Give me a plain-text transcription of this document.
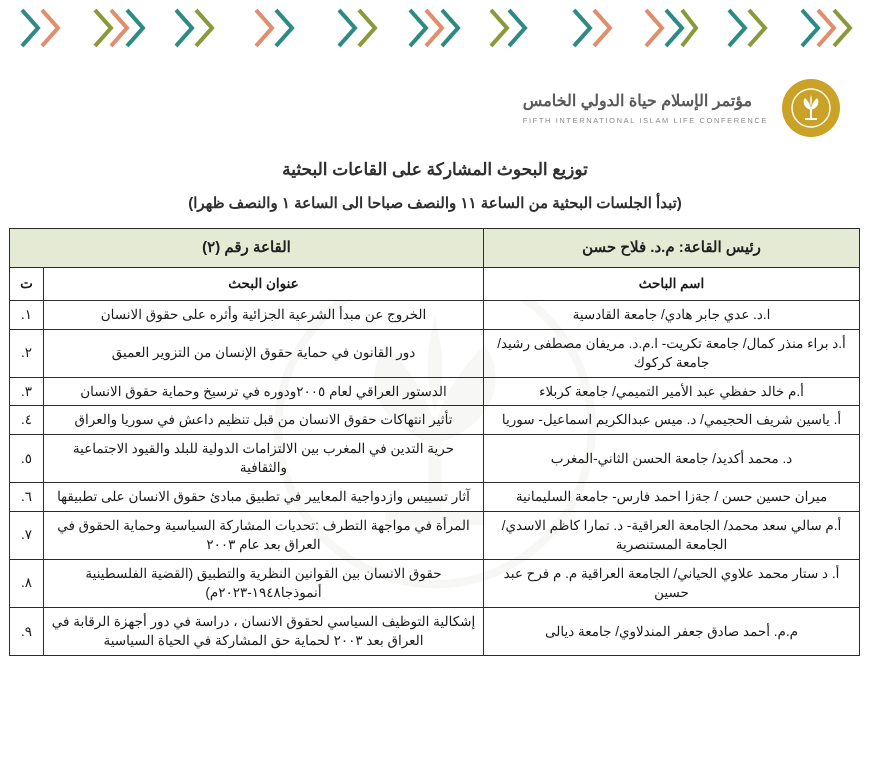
مؤتمر الإسلام حياة الدولي الخامس
FIFTH INTERNATIONAL ISLAM LIFE CONFERENCE
توزيع البحوث المشاركة على القاعات البحثية
(تبدأ الجلسات البحثية من الساعة ١١ والنصف صباحا الى الساعة ١ والنصف ظهرا)
رئيس القاعة: م.د. فلاح حسن	القاعة رقم (٢)	
اسم الباحث	عنوان البحث	ت
ا.د. عدي جابر هادي/ جامعة القادسية	الخروج عن مبدأ الشرعية الجزائية وأثره على حقوق الانسان	١.
أ.د براء منذر كمال/ جامعة تكريت- ا.م.د. مريفان مصطفى رشيد/ جامعة كركوك	دور القانون في حماية حقوق الإنسان من التزوير العميق	٢.
أ.م خالد حفظي عبد الأمير التميمي/ جامعة كربلاء	الدستور العراقي لعام ٢٠٠٥ودوره في ترسيخ وحماية حقوق الانسان	٣.
أ. ياسين شريف الحجيمي/ د. ميس عبدالكريم اسماعيل- سوريا	تأثير انتهاكات حقوق الانسان من قبل تنظيم داعش في سوريا والعراق	٤.
د. محمد أكديد/ جامعة الحسن الثاني-المغرب	حرية التدين في المغرب بين الالتزامات الدولية للبلد والقيود الاجتماعية والثقافية	٥.
ميران حسين حسن / جةزا احمد فارس- جامعة السليمانية	آثار تسييس وازدواجية المعايير في تطبيق مبادئ حقوق الانسان على تطبيقها	٦.
أ.م سالي سعد محمد/ الجامعة العراقية- د. تمارا كاظم الاسدي/ الجامعة المستنصرية	المرأة في مواجهة التطرف :تحديات المشاركة السياسية وحماية الحقوق في العراق بعد عام ٢٠٠٣	٧.
أ. د ستار محمد علاوي الحياني/ الجامعة العراقية م. م فرح عبد حسين	حقوق الانسان بين القوانين النظرية والتطبيق (القضية الفلسطينية أنموذجا١٩٤٨-٢٠٢٣م)	٨.
م.م. أحمد صادق جعفر المندلاوي/ جامعة ديالى	إشكالية التوظيف السياسي لحقوق الانسان ، دراسة في دور أجهزة الرقابة في العراق بعد ٢٠٠٣ لحماية حق المشاركة في الحياة السياسية	٩.
